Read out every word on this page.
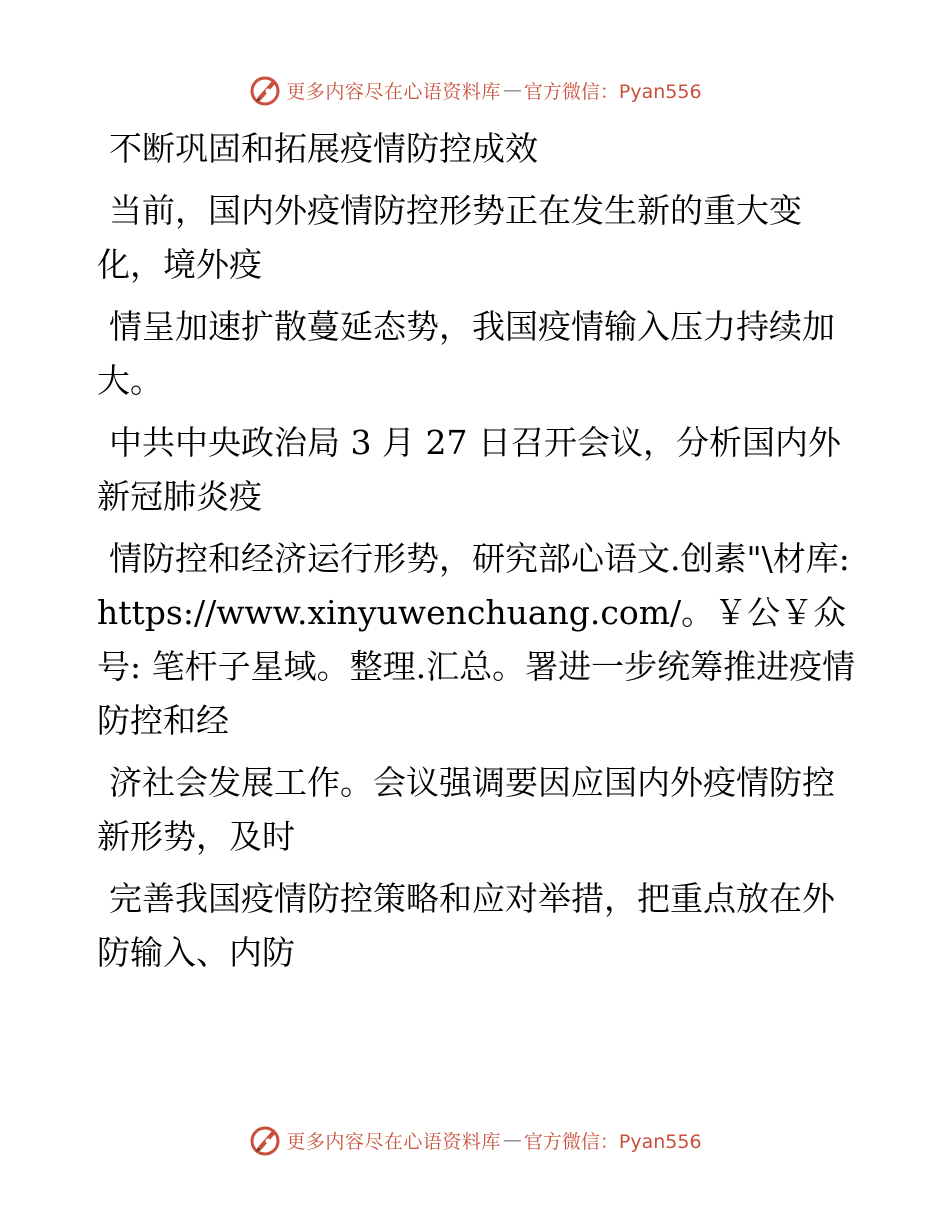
更多内容尽在心语资料库 — 官方微信：Pyan556

不断巩固和拓展疫情防控成效

当前，国内外疫情防控形势正在发生新的重大变化，境外疫

情呈加速扩散蔓延态势，我国疫情输入压力持续加大。

中共中央政治局 3 月 27 日召开会议，分析国内外新冠肺炎疫

情防控和经济运行形势，研究部心语文.创素"\材库: https://www.xinyuwenchuang.com/。￥公￥众号: 笔杆子星域。整理.汇总。署进一步统筹推进疫情防控和经

济社会发展工作。会议强调要因应国内外疫情防控新形势，及时

完善我国疫情防控策略和应对举措，把重点放在外防输入、内防

更多内容尽在心语资料库 — 官方微信：Pyan556
